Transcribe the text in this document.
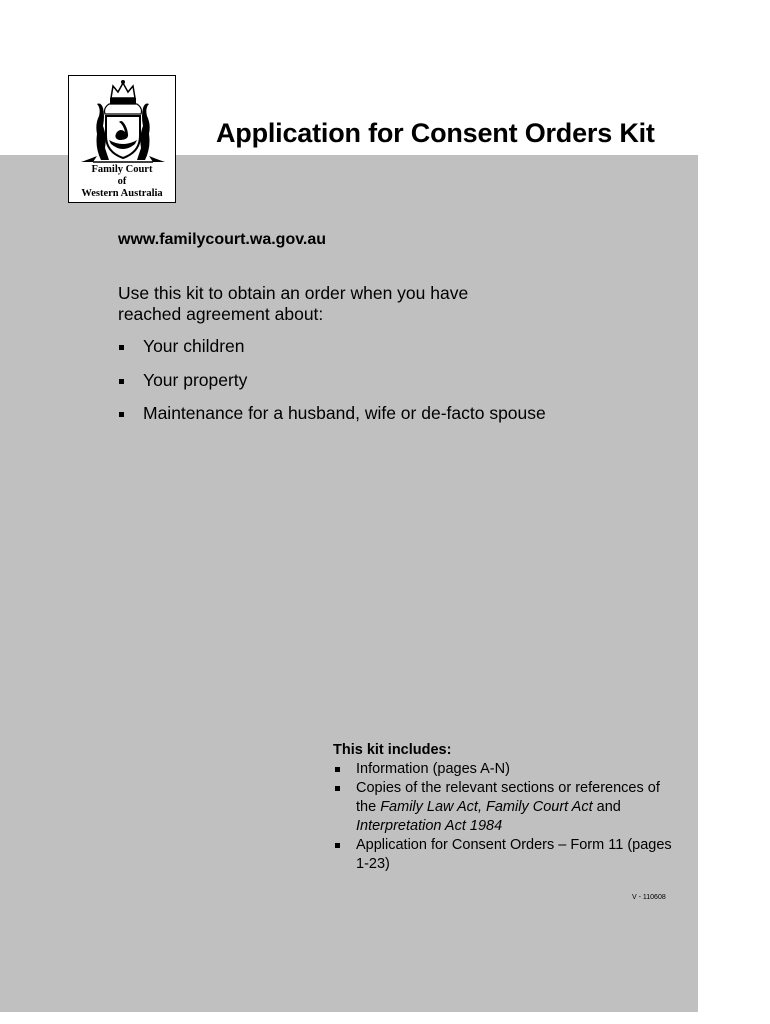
Family Court
of
Western Australia
Application for Consent Orders Kit
www.familycourt.wa.gov.au
Use this kit to obtain an order when you have reached agreement about:
Your children
Your property
Maintenance for a husband, wife or de-facto spouse
This kit includes:
Information (pages A-N)
Copies of the relevant sections or references of the Family Law Act, Family Court Act and Interpretation Act 1984
Application for Consent Orders – Form 11 (pages 1-23)
V - 110608
